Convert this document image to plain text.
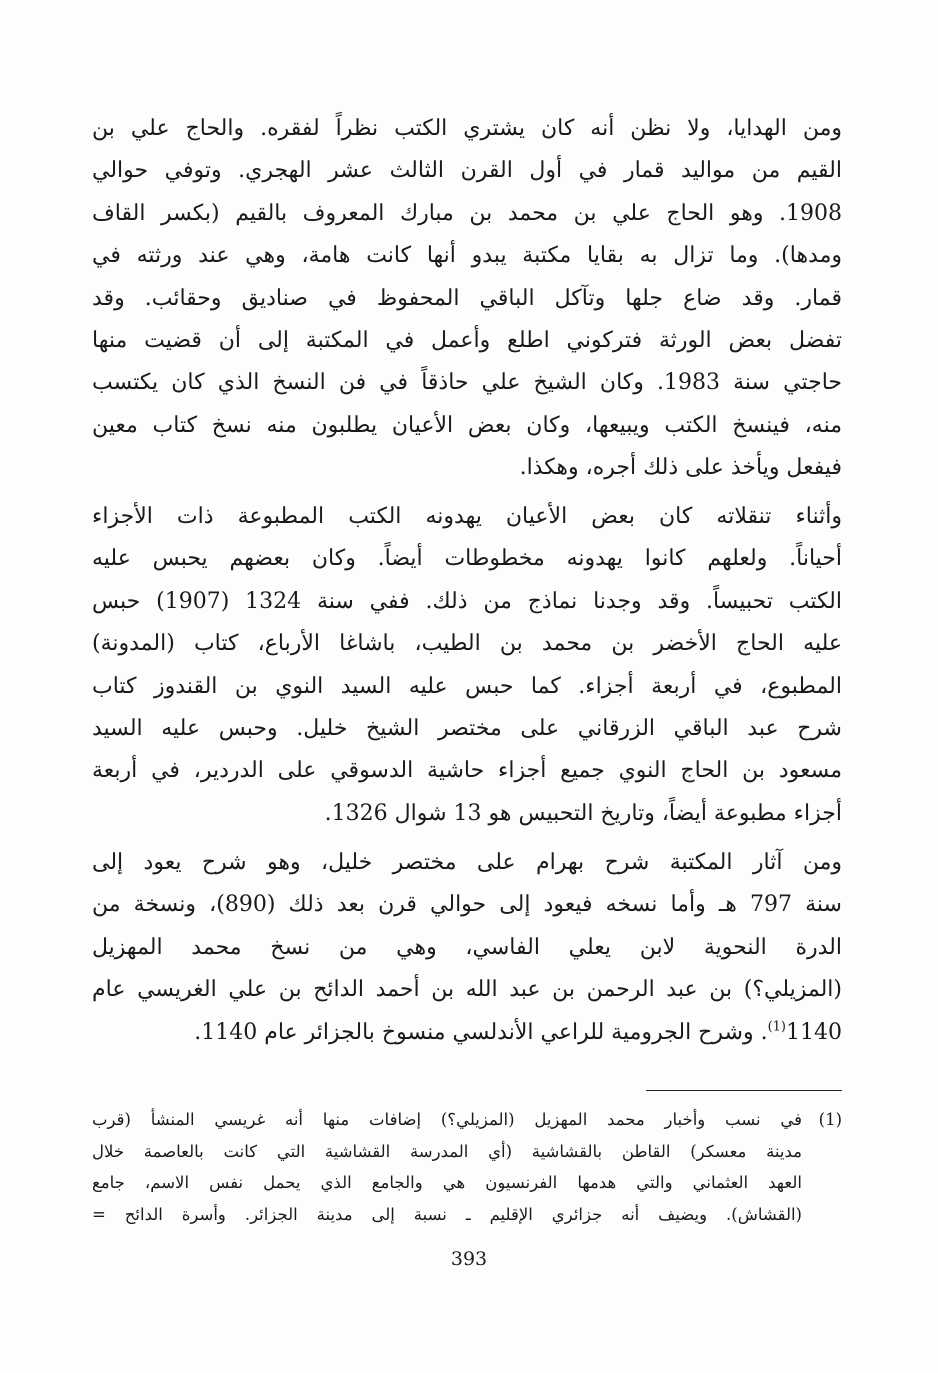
ومن الهدايا، ولا نظن أنه كان يشتري الكتب نظراً لفقره. والحاج علي بن
القيم من مواليد قمار في أول القرن الثالث عشر الهجري. وتوفي حوالي
1908. وهو الحاج علي بن محمد بن مبارك المعروف بالقيم (بكسر القاف
ومدها). وما تزال به بقايا مكتبة يبدو أنها كانت هامة، وهي عند ورثته في
قمار. وقد ضاع جلها وتآكل الباقي المحفوظ في صناديق وحقائب. وقد
تفضل بعض الورثة فتركوني اطلع وأعمل في المكتبة إلى أن قضيت منها
حاجتي سنة 1983. وكان الشيخ علي حاذقاً في فن النسخ الذي كان يكتسب
منه، فينسخ الكتب ويبيعها، وكان بعض الأعيان يطلبون منه نسخ كتاب معين
فيفعل ويأخذ على ذلك أجره، وهكذا.
وأثناء تنقلاته كان بعض الأعيان يهدونه الكتب المطبوعة ذات الأجزاء
أحياناً. ولعلهم كانوا يهدونه مخطوطات أيضاً. وكان بعضهم يحبس عليه
الكتب تحبيساً. وقد وجدنا نماذج من ذلك. ففي سنة 1324 (1907) حبس
عليه الحاج الأخضر بن محمد بن الطيب، باشاغا الأرباع، كتاب (المدونة)
المطبوع، في أربعة أجزاء. كما حبس عليه السيد النوي بن القندوز كتاب
شرح عبد الباقي الزرقاني على مختصر الشيخ خليل. وحبس عليه السيد
مسعود بن الحاج النوي جميع أجزاء حاشية الدسوقي على الدردير، في أربعة
أجزاء مطبوعة أيضاً، وتاريخ التحبيس هو 13 شوال 1326.
ومن آثار المكتبة شرح بهرام على مختصر خليل، وهو شرح يعود إلى
سنة 797 هـ وأما نسخه فيعود إلى حوالي قرن بعد ذلك (890)، ونسخة من
الدرة النحوية لابن يعلي الفاسي، وهي من نسخ محمد المهزيل
(المزيلي؟) بن عبد الرحمن بن عبد الله بن أحمد الدائح بن علي الغريسي عام
1140$^{(1)}$. وشرح الجرومية للراعي الأندلسي منسوخ بالجزائر عام 1140.
(1)
في نسب وأخبار محمد المهزيل (المزيلي؟) إضافات منها أنه غريسي المنشأ (قرب
مدينة معسكر) القاطن بالقشاشية (أي المدرسة القشاشية التي كانت بالعاصمة خلال
العهد العثماني والتي هدمها الفرنسيون هي والجامع الذي يحمل نفس الاسم، جامع
(القشاش). ويضيف أنه جزائري الإقليم ـ نسبة إلى مدينة الجزائر. وأسرة الدائح =
393
